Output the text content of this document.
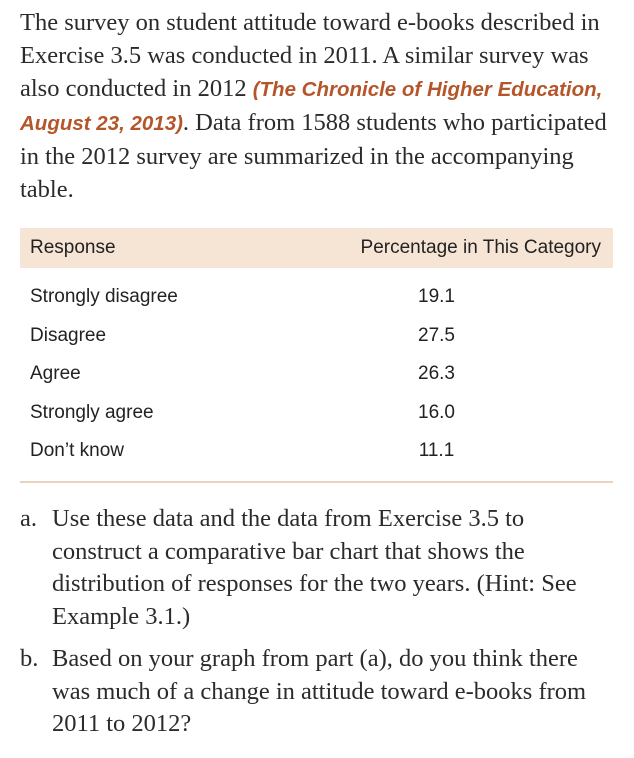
The survey on student attitude toward e-books described in Exercise 3.5 was conducted in 2011. A similar survey was also conducted in 2012 (The Chronicle of Higher Education, August 23, 2013). Data from 1588 students who participated in the 2012 survey are summarized in the accompanying table.

Response	Percentage in This Category
Strongly disagree	19.1
Disagree	27.5
Agree	26.3
Strongly agree	16.0
Don’t know	11.1
a. Use these data and the data from Exercise 3.5 to construct a comparative bar chart that shows the distribution of responses for the two years. (Hint: See Example 3.1.)
b. Based on your graph from part (a), do you think there was much of a change in attitude toward e-books from 2011 to 2012?
